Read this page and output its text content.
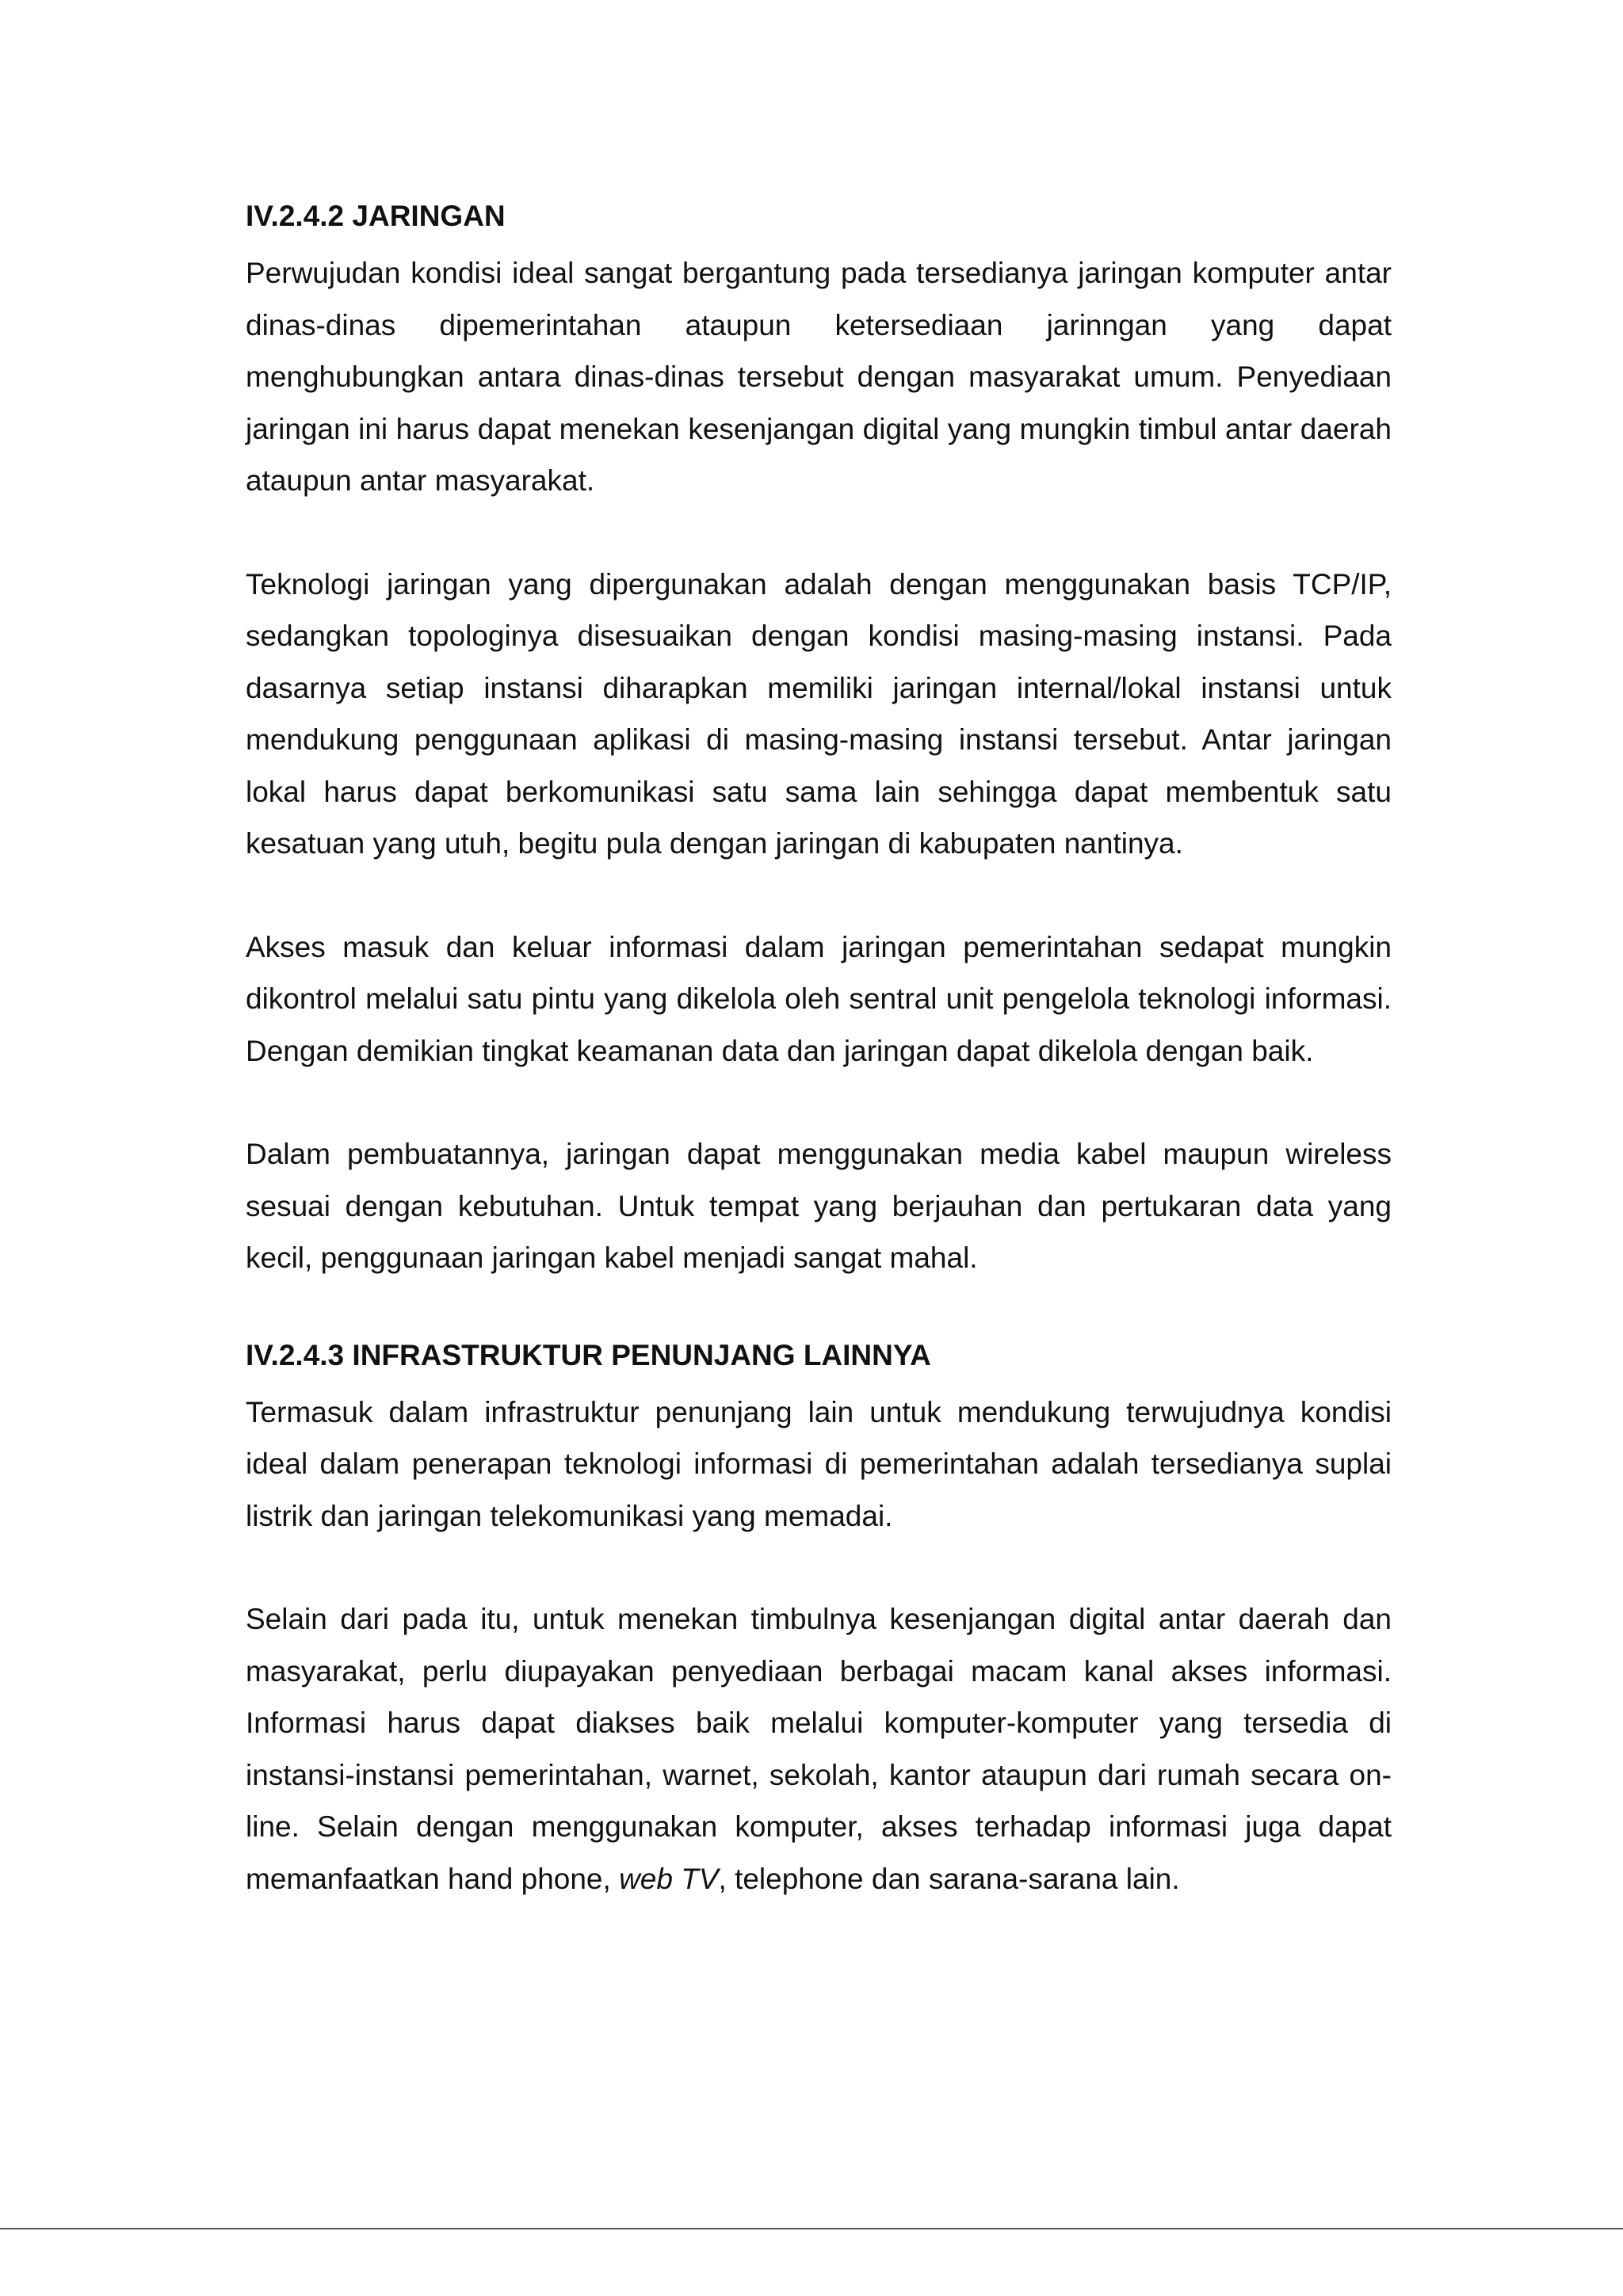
IV.2.4.2 JARINGAN

Perwujudan kondisi ideal sangat bergantung pada tersedianya jaringan komputer antar dinas-dinas dipemerintahan ataupun ketersediaan jarinngan yang dapat menghubungkan antara dinas-dinas tersebut dengan masyarakat umum. Penyediaan jaringan ini harus dapat menekan kesenjangan digital yang mungkin timbul antar daerah ataupun antar masyarakat.

Teknologi jaringan yang dipergunakan adalah dengan menggunakan basis TCP/IP, sedangkan topologinya disesuaikan dengan kondisi masing-masing instansi. Pada dasarnya setiap instansi diharapkan memiliki jaringan internal/lokal instansi untuk mendukung penggunaan aplikasi di masing-masing instansi tersebut. Antar jaringan lokal harus dapat berkomunikasi satu sama lain sehingga dapat membentuk satu kesatuan yang utuh, begitu pula dengan jaringan di kabupaten nantinya.

Akses masuk dan keluar informasi dalam jaringan pemerintahan sedapat mungkin dikontrol melalui satu pintu yang dikelola oleh sentral unit pengelola teknologi informasi. Dengan demikian tingkat keamanan data dan jaringan dapat dikelola dengan baik.

Dalam pembuatannya, jaringan dapat menggunakan media kabel maupun wireless sesuai dengan kebutuhan. Untuk tempat yang berjauhan dan pertukaran data yang kecil, penggunaan jaringan kabel menjadi sangat mahal.

IV.2.4.3 INFRASTRUKTUR PENUNJANG LAINNYA

Termasuk dalam infrastruktur penunjang lain untuk mendukung terwujudnya kondisi ideal dalam penerapan teknologi informasi di pemerintahan adalah tersedianya suplai listrik dan jaringan telekomunikasi yang memadai.

Selain dari pada itu, untuk menekan timbulnya kesenjangan digital antar daerah dan masyarakat, perlu diupayakan penyediaan berbagai macam kanal akses informasi. Informasi harus dapat diakses baik melalui komputer-komputer yang tersedia di instansi-instansi pemerintahan, warnet, sekolah, kantor ataupun dari rumah secara on-line. Selain dengan menggunakan komputer, akses terhadap informasi juga dapat memanfaatkan hand phone, web TV, telephone dan sarana-sarana lain.
